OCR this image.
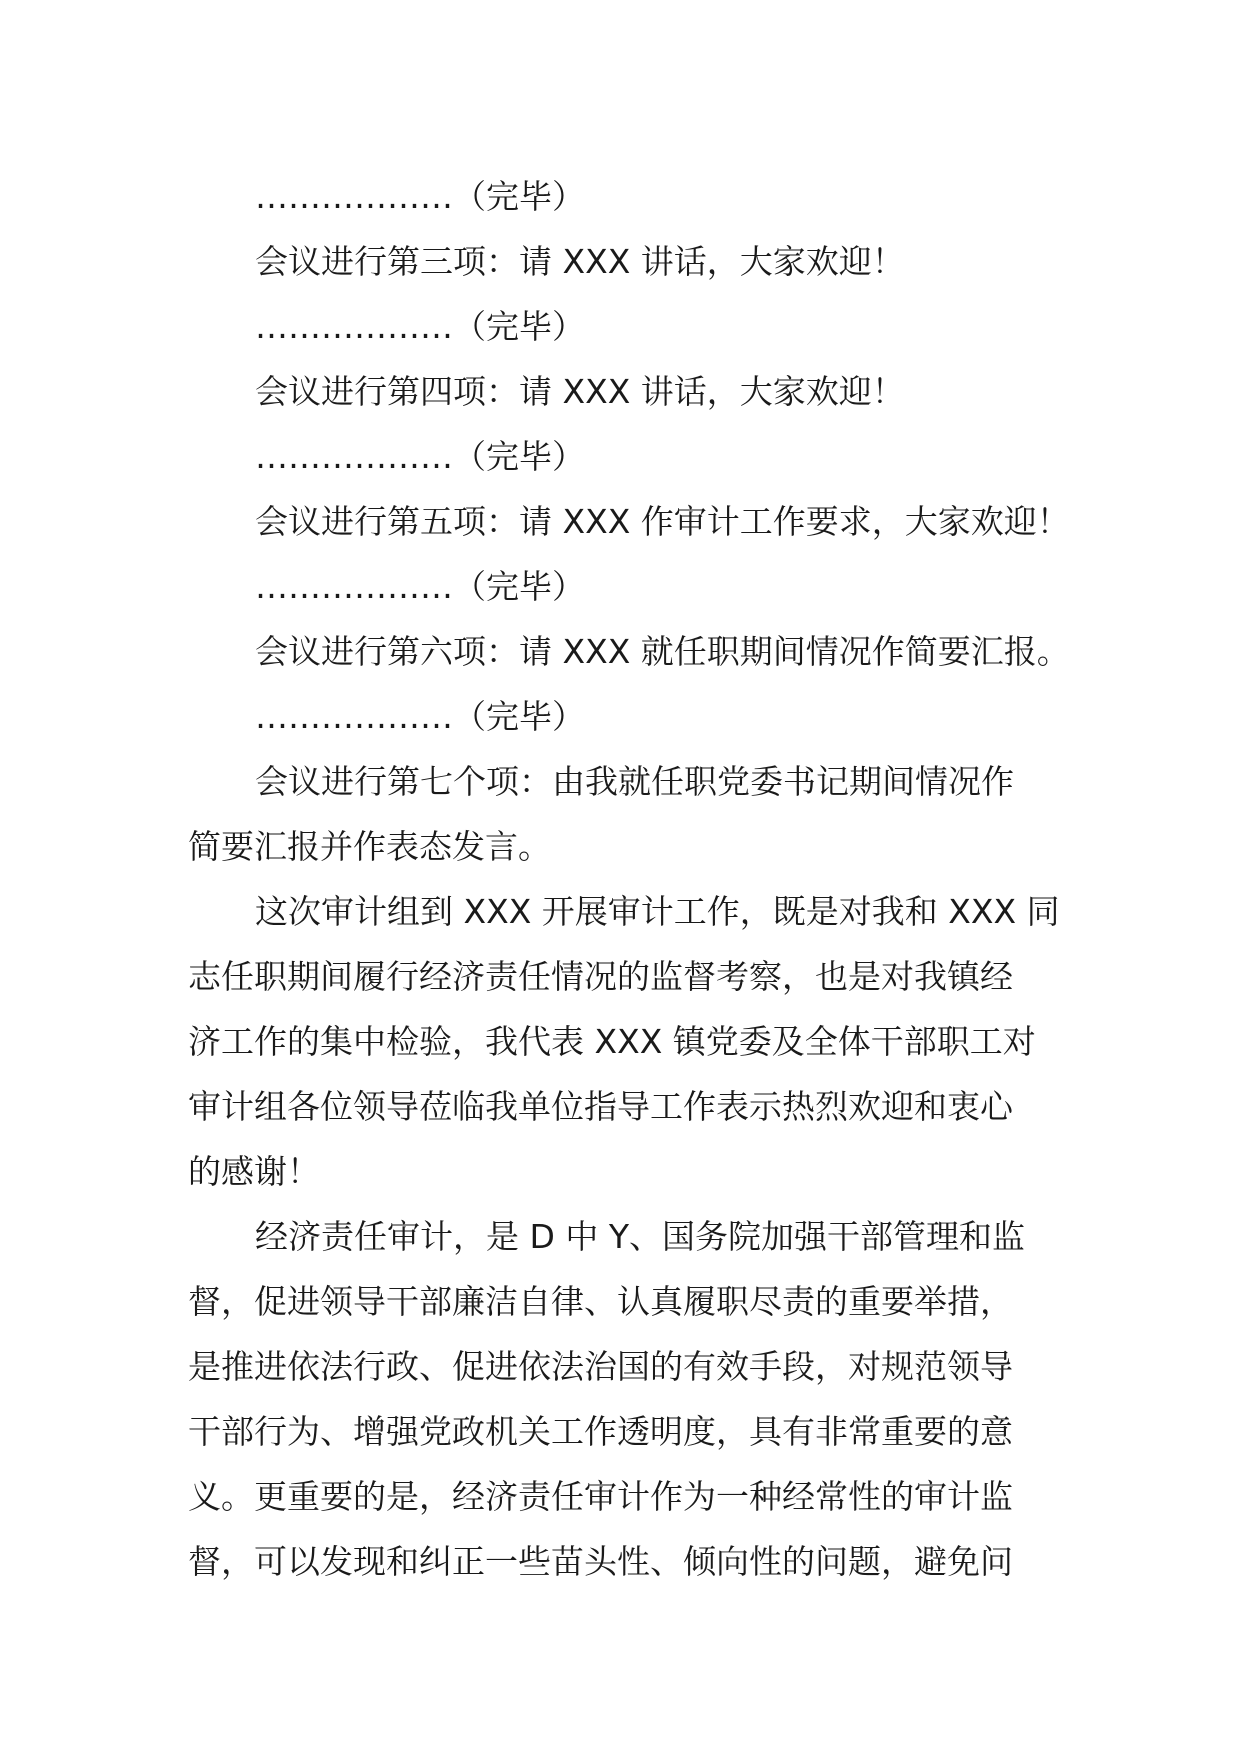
………………（完毕）
会议进行第三项：请 XXX 讲话，大家欢迎！
………………（完毕）
会议进行第四项：请 XXX 讲话，大家欢迎！
………………（完毕）
会议进行第五项：请 XXX 作审计工作要求，大家欢迎！
………………（完毕）
会议进行第六项：请 XXX 就任职期间情况作简要汇报。
………………（完毕）
会议进行第七个项：由我就任职党委书记期间情况作
简要汇报并作表态发言。
这次审计组到 XXX 开展审计工作，既是对我和 XXX 同
志任职期间履行经济责任情况的监督考察，也是对我镇经
济工作的集中检验，我代表 XXX 镇党委及全体干部职工对
审计组各位领导莅临我单位指导工作表示热烈欢迎和衷心
的感谢！
经济责任审计，是 D 中 Y、国务院加强干部管理和监
督，促进领导干部廉洁自律、认真履职尽责的重要举措，
是推进依法行政、促进依法治国的有效手段，对规范领导
干部行为、增强党政机关工作透明度，具有非常重要的意
义。更重要的是，经济责任审计作为一种经常性的审计监
督，可以发现和纠正一些苗头性、倾向性的问题，避免问
